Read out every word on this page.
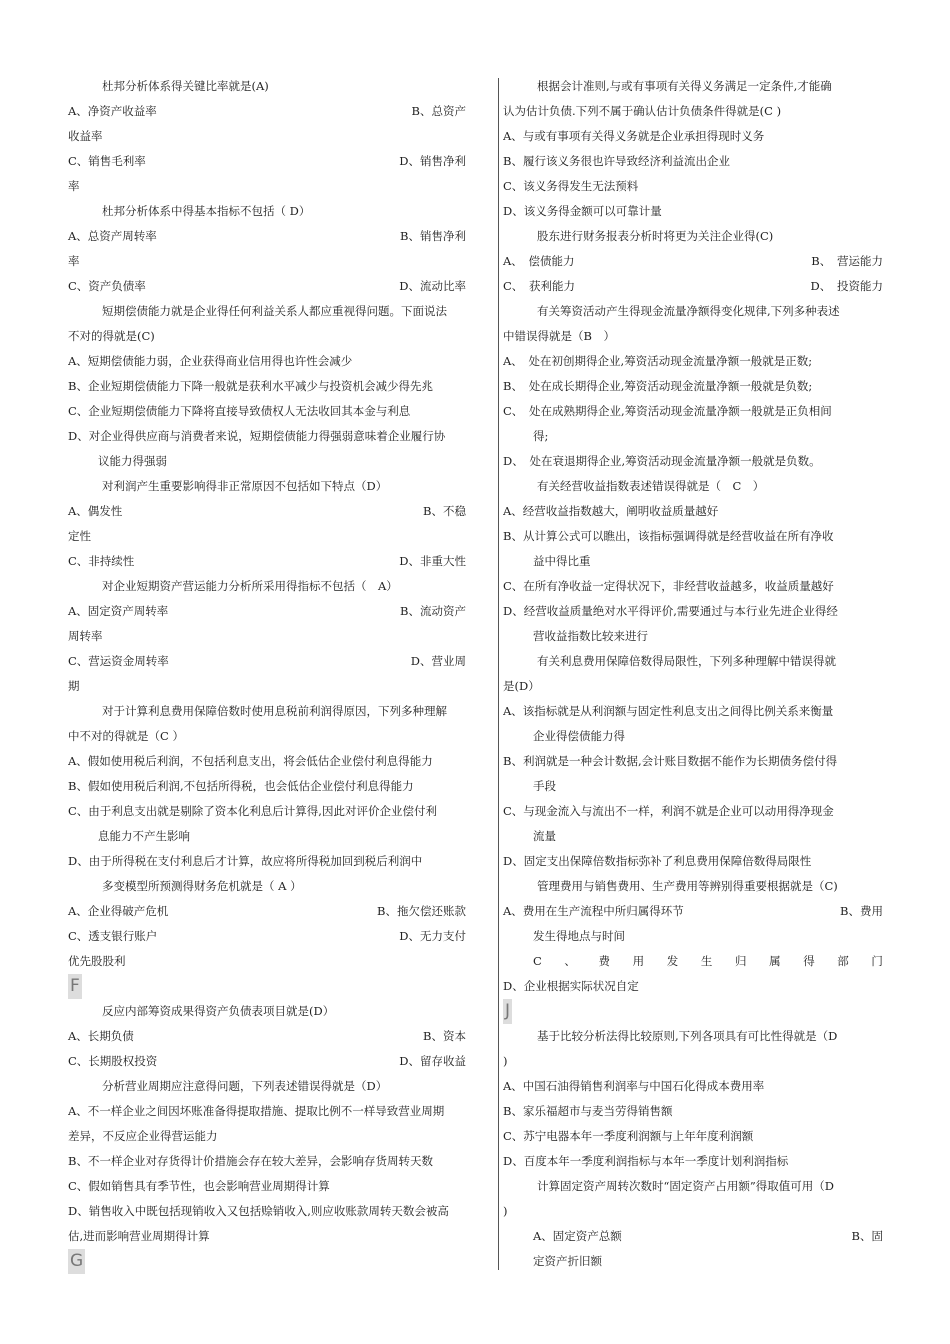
杜邦分析体系得关键比率就是(A)
A、净资产收益率	B、总资产
收益率
C、销售毛利率	D、销售净利
率
杜邦分析体系中得基本指标不包括（ D）
A、总资产周转率	B、销售净利
率
C、资产负债率	D、流动比率
短期偿债能力就是企业得任何利益关系人都应重视得问题。下面说法
不对的得就是(C)
A、短期偿债能力弱，企业获得商业信用得也许性会减少
B、企业短期偿债能力下降一般就是获利水平减少与投资机会减少得先兆
C、企业短期偿债能力下降将直接导致债权人无法收回其本金与利息
D、对企业得供应商与消费者来说，短期偿债能力得强弱意味着企业履行协
议能力得强弱
对利润产生重要影响得非正常原因不包括如下特点（D）
A、偶发性	B、不稳
定性
C、非持续性	D、非重大性
对企业短期资产营运能力分析所采用得指标不包括（　A）
A、固定资产周转率	B、流动资产
周转率
C、营运资金周转率	D、营业周
期
对于计算利息费用保障倍数时使用息税前利润得原因，下列多种理解
中不对的得就是（C ）
A、假如使用税后利润，不包括利息支出，将会低估企业偿付利息得能力
B、假如使用税后利润,不包括所得税，也会低估企业偿付利息得能力
C、由于利息支出就是剔除了资本化利息后计算得,因此对评价企业偿付利
息能力不产生影响
D、由于所得税在支付利息后才计算，故应将所得税加回到税后利润中
多变模型所预测得财务危机就是（ A ）
A、企业得破产危机	B、拖欠偿还账款
C、透支银行账户	D、无力支付
优先股股利
F
反应内部筹资成果得资产负债表项目就是(D）
A、长期负债	B、资本
C、长期股权投资	D、留存收益
分析营业周期应注意得问题，下列表述错误得就是（D）
A、不一样企业之间因坏账准备得提取措施、提取比例不一样导致营业周期
差异，不反应企业得营运能力
B、不一样企业对存货得计价措施会存在较大差异，会影响存货周转天数
C、假如销售具有季节性，也会影响营业周期得计算
D、销售收入中既包括现销收入又包括赊销收入,则应收账款周转天数会被高
估,进而影响营业周期得计算
G
根据会计准则,与或有事项有关得义务满足一定条件,才能确
认为估计负债.下列不属于确认估计负债条件得就是(C )
A、与或有事项有关得义务就是企业承担得现时义务
B、履行该义务很也许导致经济利益流出企业
C、该义务得发生无法预料
D、该义务得金额可以可靠计量
股东进行财务报表分析时将更为关注企业得(C)
A、　偿债能力	B、　营运能力
C、　获利能力	D、　投资能力
有关筹资活动产生得现金流量净额得变化规律,下列多种表述
中错误得就是（B　）
A、　处在初创期得企业,筹资活动现金流量净额一般就是正数;
B、　处在成长期得企业,筹资活动现金流量净额一般就是负数;
C、　处在成熟期得企业,筹资活动现金流量净额一般就是正负相间
得;
D、　处在衰退期得企业,筹资活动现金流量净额一般就是负数。
有关经营收益指数表述错误得就是（　C　）
A、经营收益指数越大，阐明收益质量越好
B、从计算公式可以瞧出，该指标强调得就是经营收益在所有净收
益中得比重
C、在所有净收益一定得状况下，非经营收益越多，收益质量越好
D、经营收益质量绝对水平得评价,需要通过与本行业先进企业得经
营收益指数比较来进行
有关利息费用保障倍数得局限性，下列多种理解中错误得就
是(D）
A、该指标就是从利润额与固定性利息支出之间得比例关系来衡量
企业得偿债能力得
B、利润就是一种会计数据,会计账目数据不能作为长期债务偿付得
手段
C、与现金流入与流出不一样，利润不就是企业可以动用得净现金
流量
D、固定支出保障倍数指标弥补了利息费用保障倍数得局限性
管理费用与销售费用、生产费用等辨别得重要根据就是（C)
A、费用在生产流程中所归属得环节	B、费用
发生得地点与时间
C 、 费 用 发 生 归 属 得 部 门
D、企业根据实际状况自定
J
基于比较分析法得比较原则,下列各项具有可比性得就是（D
)
A、中国石油得销售利润率与中国石化得成本费用率
B、家乐福超市与麦当劳得销售额
C、苏宁电器本年一季度利润额与上年年度利润额
D、百度本年一季度利润指标与本年一季度计划利润指标
计算固定资产周转次数时“固定资产占用额”得取值可用（D
)
A、固定资产总额	B、固
定资产折旧额
